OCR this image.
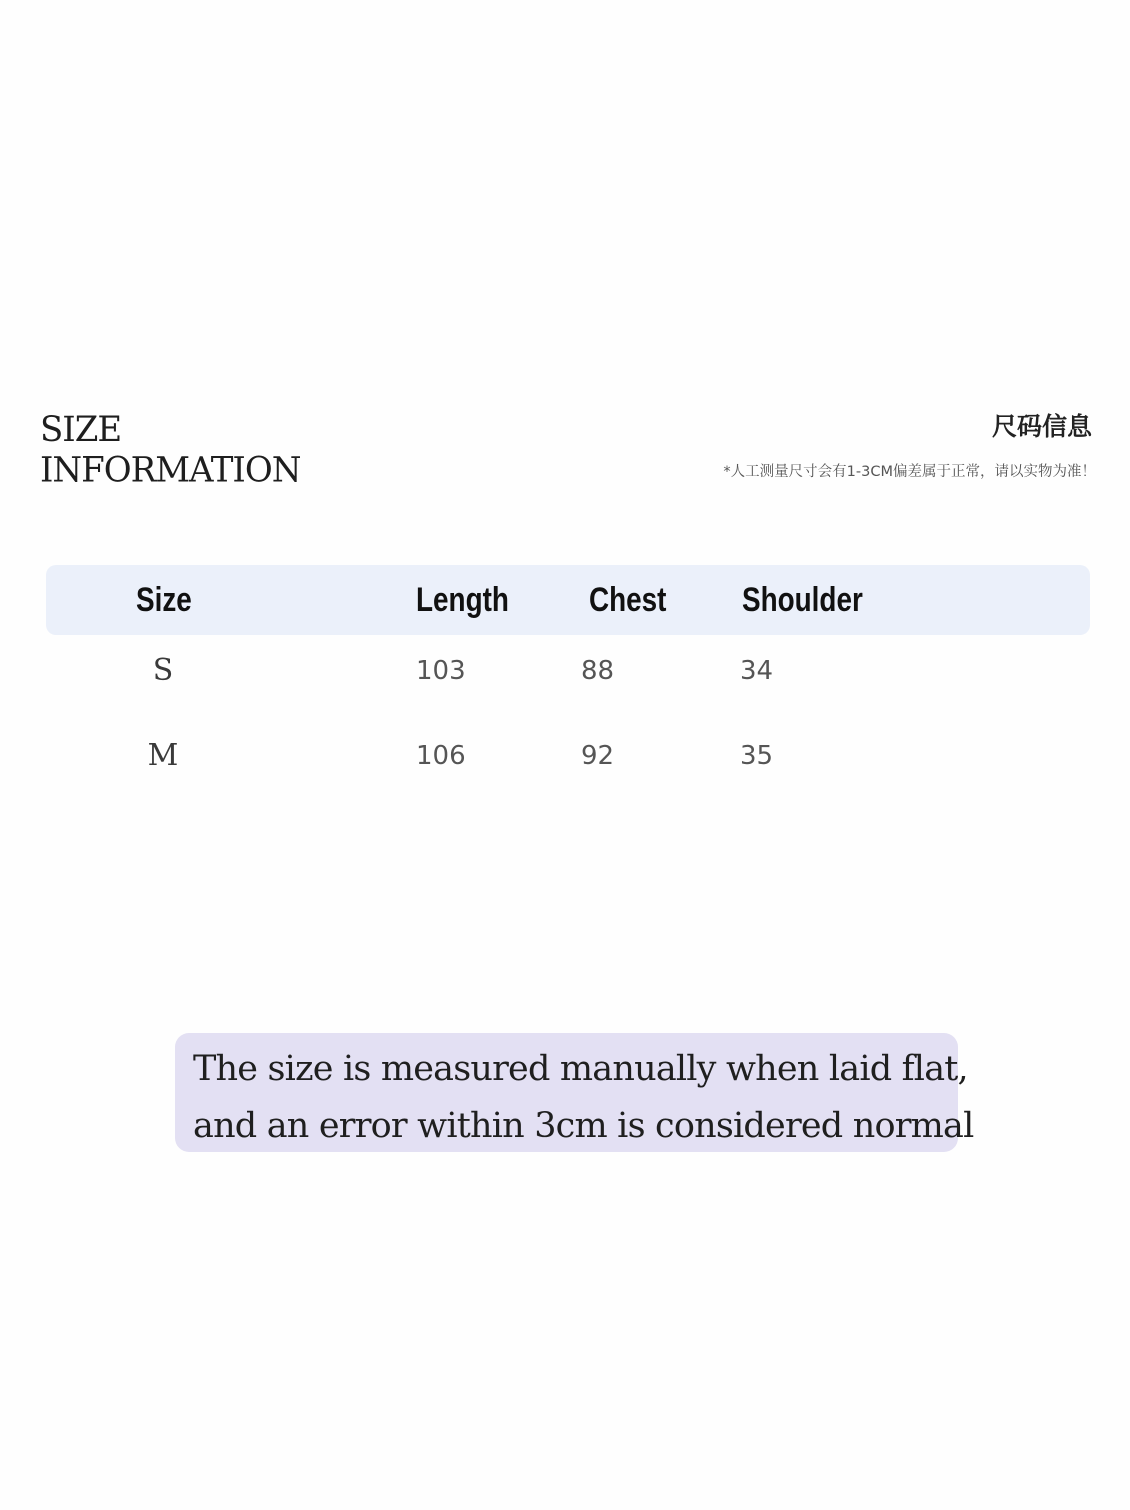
SIZE
INFORMATION
尺码信息
*人工测量尺寸会有1-3CM偏差属于正常，请以实物为准！
Size	Length Chest Shoulder
S	103	88	34
M	106	92	35
The size is measured manually when laid flat,
and an error within 3cm is considered normal
